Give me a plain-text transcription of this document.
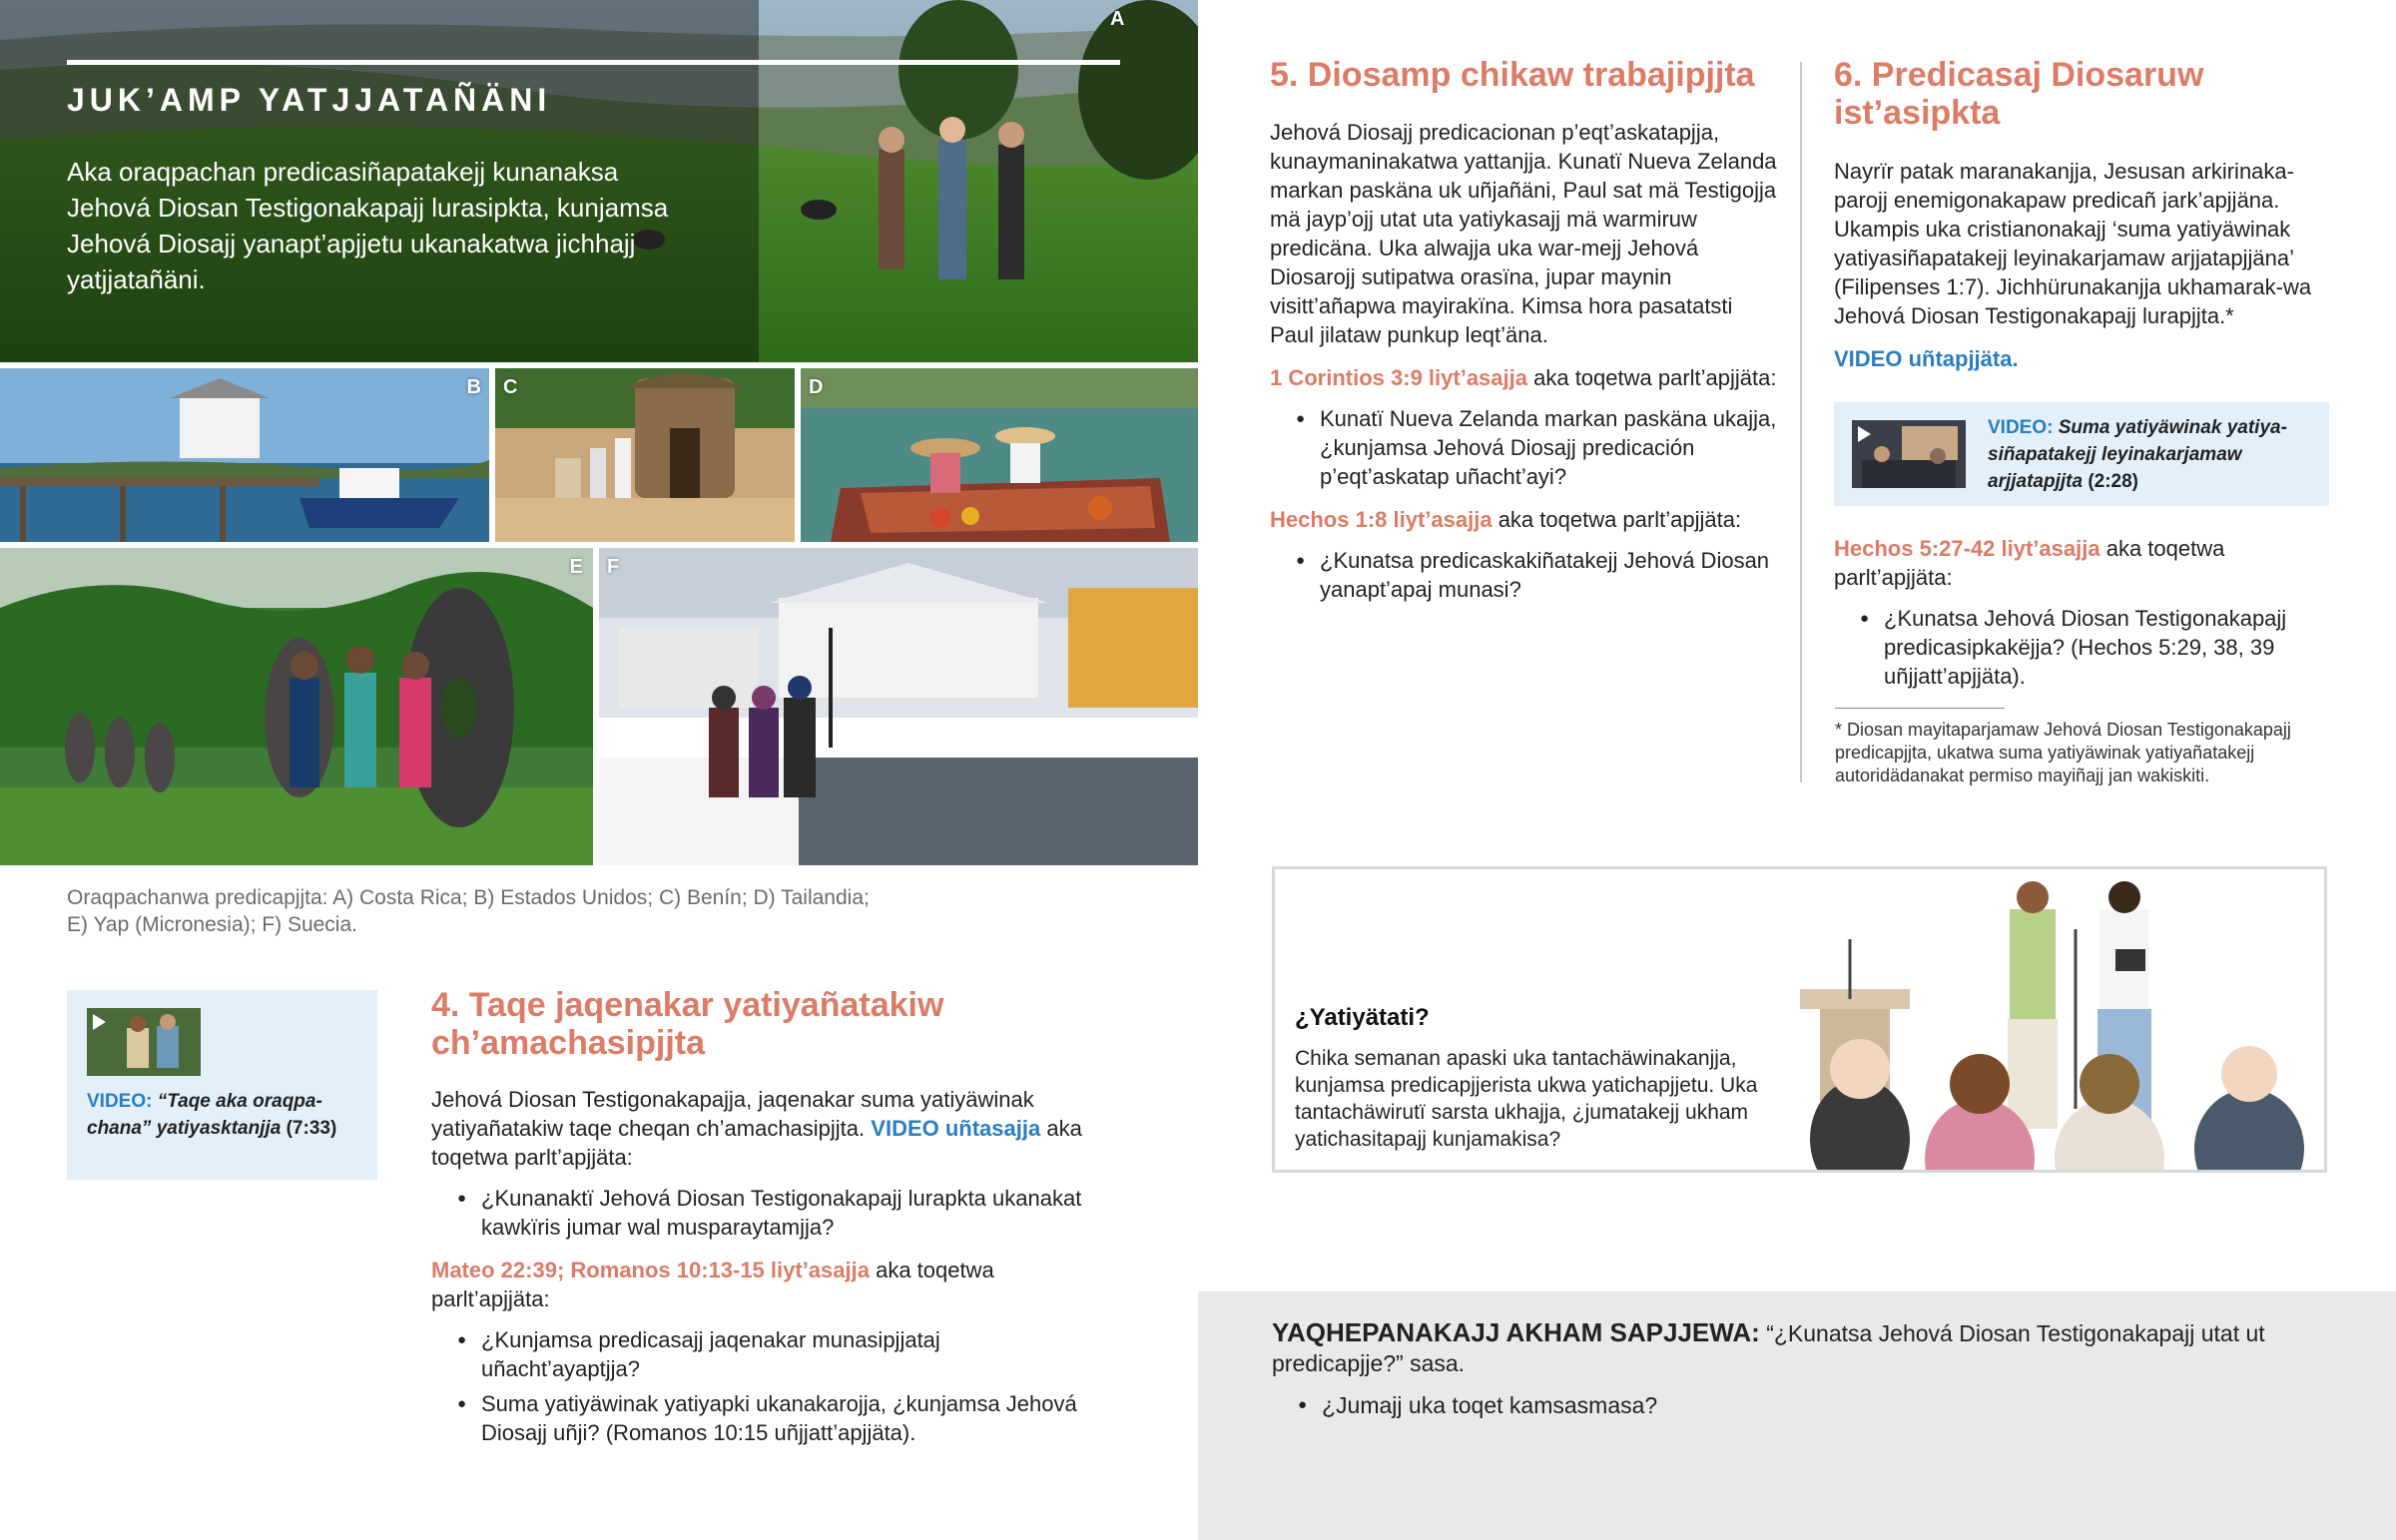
JUK’AMP YATJJATAÑÄNI
Aka oraqpachan predicasiñapatakejj kunanaksa Jehová Diosan Testigonakapajj lurasipkta, kunjamsa Jehová Diosajj yanapt’apjjetu ukanakatwa jichhajj yatjjatañäni.
A
B C	D
E F
Oraqpachanwa predicapjjta: A) Costa Rica; B) Estados Unidos; C) Benín; D) Tailandia;
E) Yap (Micronesia); F) Suecia.
VIDEO: “Taqe aka oraqpa-chana” yatiyasktanjja (7:33)
4. Taqe jaqenakar yatiyañatakiw ch’amachasipjjta
Jehová Diosan Testigonakapajja, jaqenakar suma yatiyäwinak yatiyañatakiw taqe cheqan ch’amachasipjjta. VIDEO uñtasajja aka toqetwa parlt’apjjäta:
● ¿Kunanaktï Jehová Diosan Testigonakapajj lurapkta ukanakat kawkïris jumar wal musparaytamjja?
Mateo 22:39; Romanos 10:13-15 liyt’asajja aka toqetwa parlt’apjjäta:
● ¿Kunjamsa predicasajj jaqenakar munasipjjataj uñacht’ayaptjja?
● Suma yatiyäwinak yatiyapki ukanakarojja, ¿kunjamsa Jehová Diosajj uñji? (Romanos 10:15 uñjjatt’apjjäta).
5. Diosamp chikaw trabajipjjta
Jehová Diosajj predicacionan p’eqt’askatapjja, kunaymaninakatwa yattanjja. Kunatï Nueva Zelanda markan paskäna uk uñjañäni, Paul sat mä Testigojja mä jayp’ojj utat uta yatiykasajj mä warmiruw predicäna. Uka alwajja uka war-mejj Jehová Diosarojj sutipatwa orasïna, jupar maynin visitt’añapwa mayirakïna. Kimsa hora pasatatsti Paul jilataw punkup leqt’äna.
1 Corintios 3:9 liyt’asajja aka toqetwa parlt’apjjäta:
● Kunatï Nueva Zelanda markan paskäna ukajja, ¿kunjamsa Jehová Diosajj predicación p’eqt’askatap uñacht’ayi?
Hechos 1:8 liyt’asajja aka toqetwa parlt’apjjäta:
● ¿Kunatsa predicaskakiñatakejj Jehová Diosan yanapt’apaj munasi?
6. Predicasaj Diosaruw ist’asipkta
Nayrïr patak maranakanjja, Jesusan arkirinaka-parojj enemigonakapaw predicañ jark’apjjäna. Ukampis uka cristianonakajj ‘suma yatiyäwinak yatiyasiñapatakejj leyinakarjamaw arjjatapjjäna’ (Filipenses 1:7). Jichhürunakanjja ukhamarak-wa Jehová Diosan Testigonakapajj lurapjjta.*
VIDEO uñtapjjäta.
VIDEO: Suma yatiyäwinak yatiya-siñapatakejj leyinakarjamaw arjjatapjjta (2:28)
Hechos 5:27-42 liyt’asajja aka toqetwa parlt’apjjäta:
● ¿Kunatsa Jehová Diosan Testigonakapajj predicasipkakëjja? (Hechos 5:29, 38, 39 uñjjatt’apjjäta).
* Diosan mayitaparjamaw Jehová Diosan Testigonakapajj predicapjjta, ukatwa suma yatiyäwinak yatiyañatakejj autoridädanakat permiso mayiñajj jan wakiskiti.
¿Yatiyätati?
Chika semanan apaski uka tantachäwinakanjja, kunjamsa predicapjjerista ukwa yatichapjjetu. Uka tantachäwirutï sarsta ukhajja, ¿jumatakejj ukham yatichasitapajj kunjamakisa?
YAQHEPANAKAJJ AKHAM SAPJJEWA: “¿Kunatsa Jehová Diosan Testigonakapajj utat ut predicapjje?” sasa.
● ¿Jumajj uka toqet kamsasmasa?
